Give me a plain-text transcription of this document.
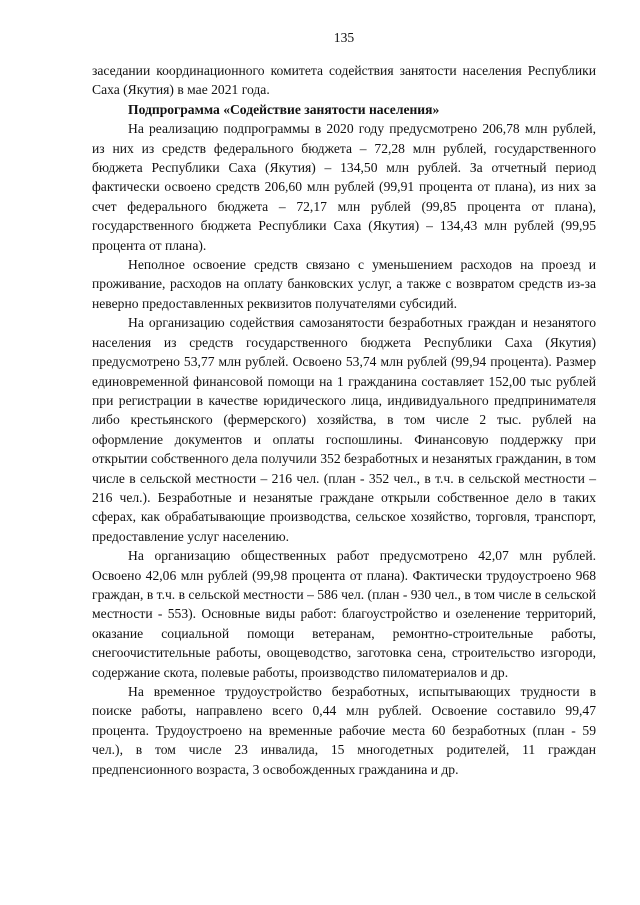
135

заседании координационного комитета содействия занятости населения Республики Саха (Якутия) в мае 2021 года.

Подпрограмма «Содействие занятости населения»

На реализацию подпрограммы в 2020 году предусмотрено 206,78 млн рублей, из них из средств федерального бюджета – 72,28 млн рублей, государственного бюджета Республики Саха (Якутия) – 134,50 млн рублей. За отчетный период фактически освоено средств 206,60 млн рублей (99,91 процента от плана), из них за счет федерального бюджета – 72,17 млн рублей (99,85 процента от плана), государственного бюджета Республики Саха (Якутия) – 134,43 млн рублей (99,95 процента от плана).

Неполное освоение средств связано с уменьшением расходов на проезд и проживание, расходов на оплату банковских услуг, а также с возвратом средств из-за неверно предоставленных реквизитов получателями субсидий.

На организацию содействия самозанятости безработных граждан и незанятого населения из средств государственного бюджета Республики Саха (Якутия) предусмотрено 53,77 млн рублей. Освоено 53,74 млн рублей (99,94 процента). Размер единовременной финансовой помощи на 1 гражданина составляет 152,00 тыс рублей при регистрации в качестве юридического лица, индивидуального предпринимателя либо крестьянского (фермерского) хозяйства, в том числе 2 тыс. рублей на оформление документов и оплаты госпошлины. Финансовую поддержку при открытии собственного дела получили 352 безработных и незанятых гражданин, в том числе в сельской местности – 216 чел. (план - 352 чел., в т.ч. в сельской местности – 216 чел.). Безработные и незанятые граждане открыли собственное дело в таких сферах, как обрабатывающие производства, сельское хозяйство, торговля, транспорт, предоставление услуг населению.

На организацию общественных работ предусмотрено 42,07 млн рублей. Освоено 42,06 млн рублей (99,98 процента от плана). Фактически трудоустроено 968 граждан, в т.ч. в сельской местности – 586 чел. (план - 930 чел., в том числе в сельской местности - 553). Основные виды работ: благоустройство и озеленение территорий, оказание социальной помощи ветеранам, ремонтно-строительные работы, снегоочистительные работы, овощеводство, заготовка сена, строительство изгороди, содержание скота, полевые работы, производство пиломатериалов и др.

На временное трудоустройство безработных, испытывающих трудности в поиске работы, направлено всего 0,44 млн рублей. Освоение составило 99,47 процента. Трудоустроено на временные рабочие места 60 безработных (план - 59 чел.), в том числе 23 инвалида, 15 многодетных родителей, 11 граждан предпенсионного возраста, 3 освобожденных гражданина и др.
